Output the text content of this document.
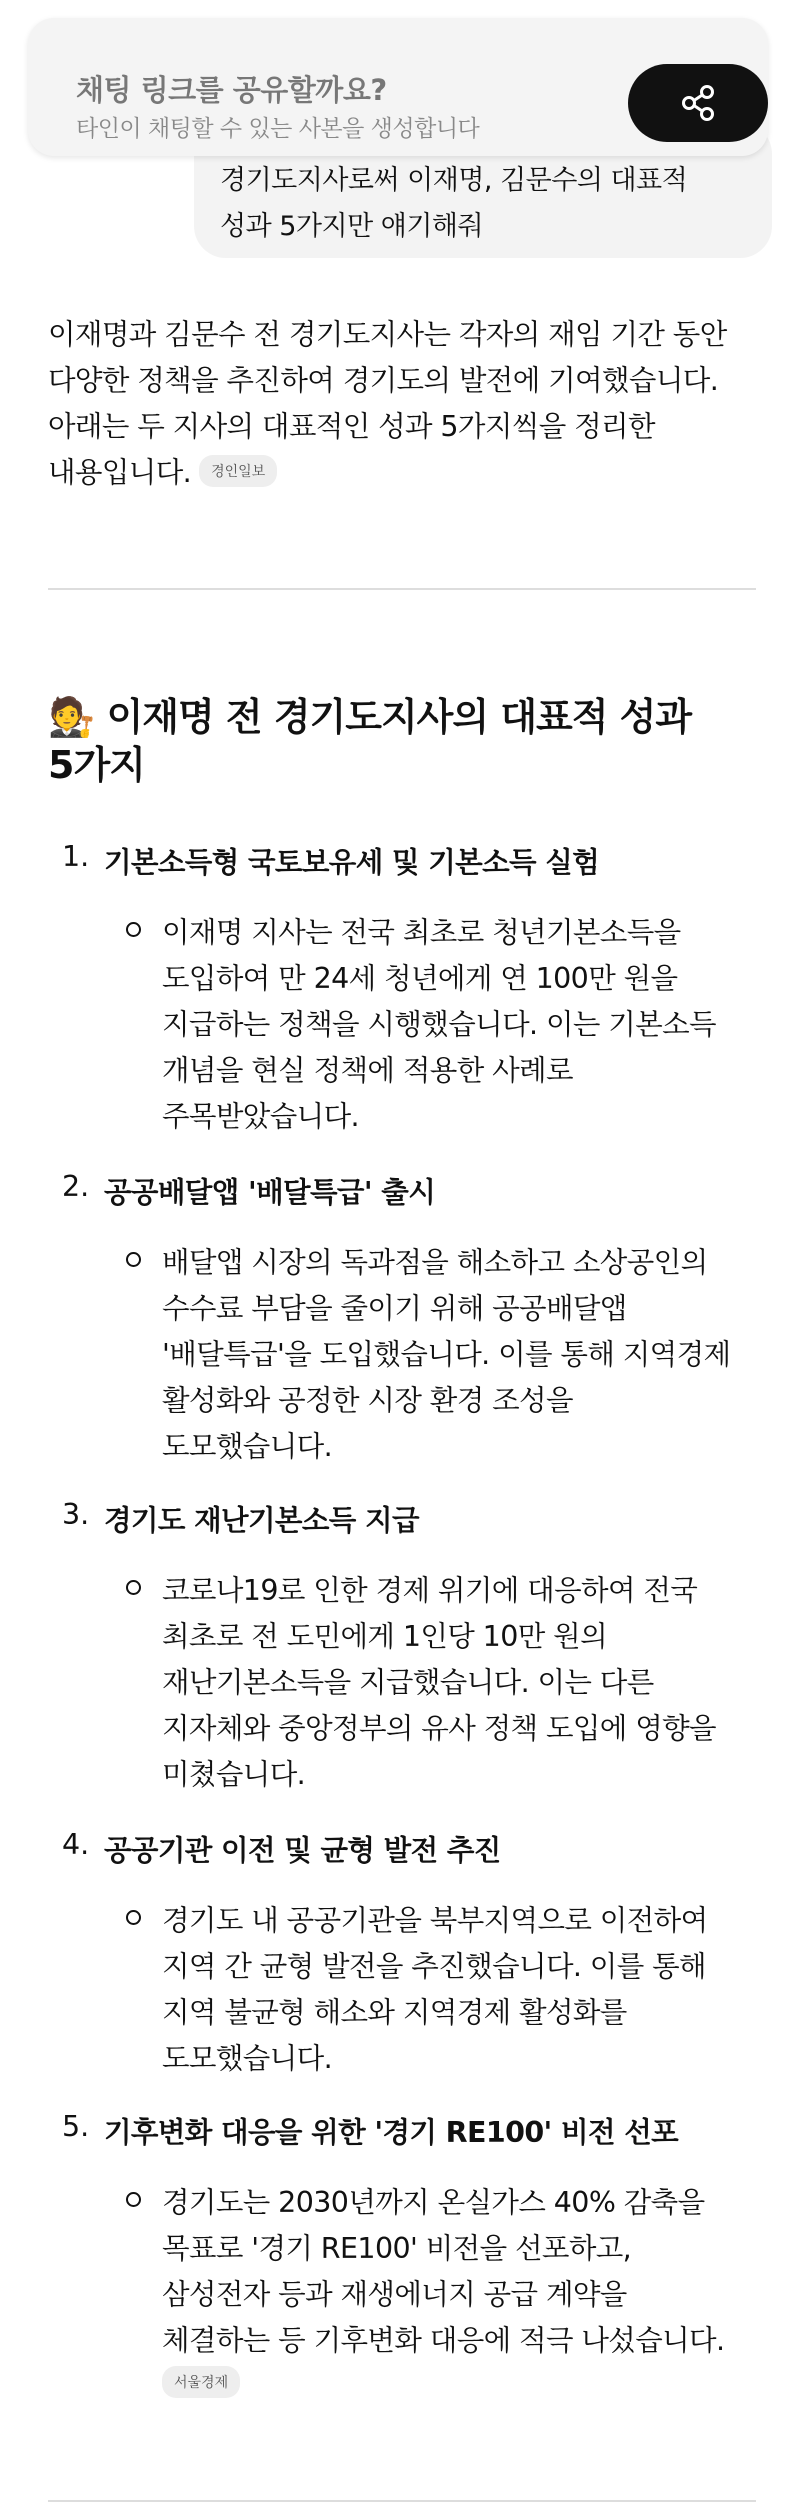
채팅 링크를 공유할까요?
타인이 채팅할 수 있는 사본을 생성합니다
경기도지사로써 이재명, 김문수의 대표적
성과 5가지만 얘기해줘
이재명과 김문수 전 경기도지사는 각자의 재임 기간 동안
다양한 정책을 추진하여 경기도의 발전에 기여했습니다.
아래는 두 지사의 대표적인 성과 5가지씩을 정리한
내용입니다. 경인일보
🧑‍⚖️ 이재명 전 경기도지사의 대표적 성과
5가지
1. 기본소득형 국토보유세 및 기본소득 실험
이재명 지사는 전국 최초로 청년기본소득을
도입하여 만 24세 청년에게 연 100만 원을
지급하는 정책을 시행했습니다. 이는 기본소득
개념을 현실 정책에 적용한 사례로
주목받았습니다.
2. 공공배달앱 '배달특급' 출시
배달앱 시장의 독과점을 해소하고 소상공인의
수수료 부담을 줄이기 위해 공공배달앱
'배달특급'을 도입했습니다. 이를 통해 지역경제
활성화와 공정한 시장 환경 조성을
도모했습니다.
3. 경기도 재난기본소득 지급
코로나19로 인한 경제 위기에 대응하여 전국
최초로 전 도민에게 1인당 10만 원의
재난기본소득을 지급했습니다. 이는 다른
지자체와 중앙정부의 유사 정책 도입에 영향을
미쳤습니다.
4. 공공기관 이전 및 균형 발전 추진
경기도 내 공공기관을 북부지역으로 이전하여
지역 간 균형 발전을 추진했습니다. 이를 통해
지역 불균형 해소와 지역경제 활성화를
도모했습니다.
5. 기후변화 대응을 위한 '경기 RE100' 비전 선포
경기도는 2030년까지 온실가스 40% 감축을
목표로 '경기 RE100' 비전을 선포하고,
삼성전자 등과 재생에너지 공급 계약을
체결하는 등 기후변화 대응에 적극 나섰습니다.
서울경제
